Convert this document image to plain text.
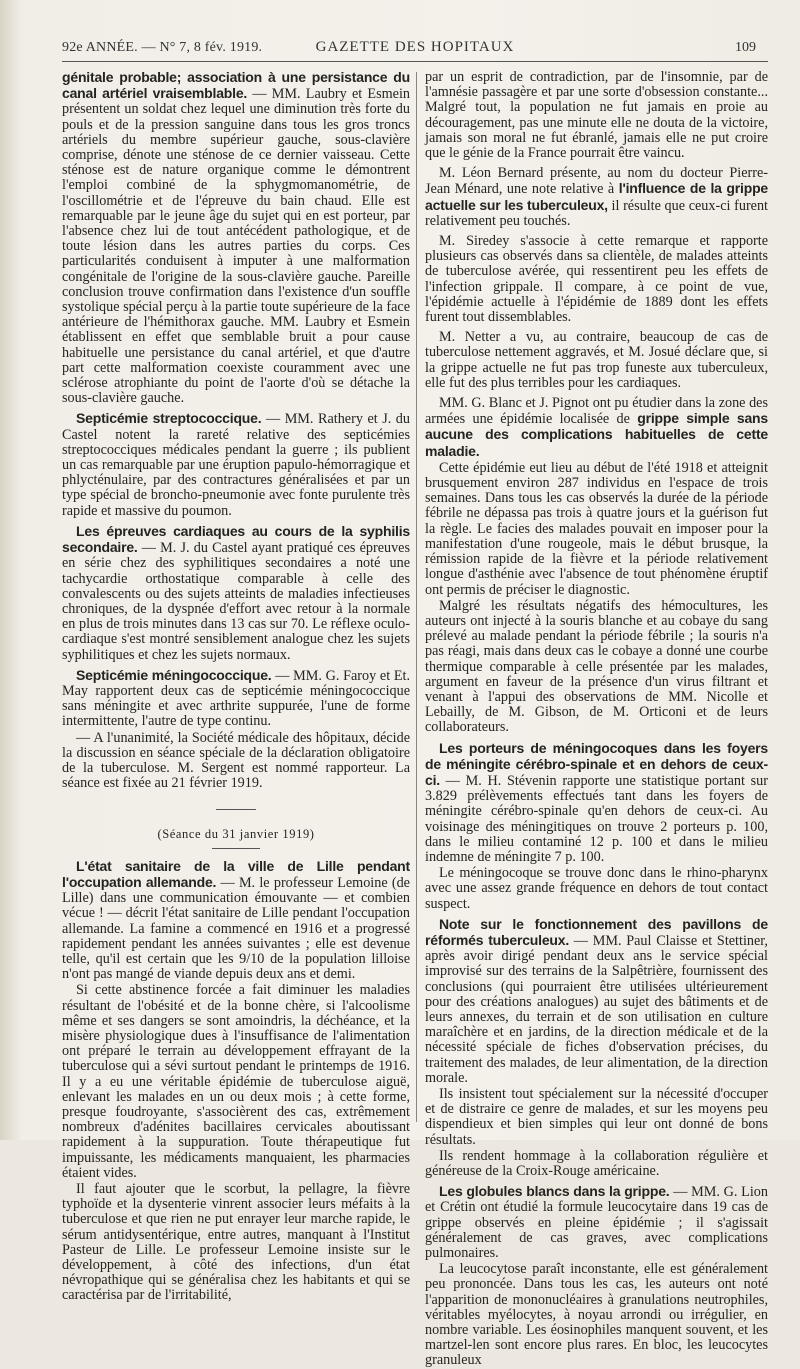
92e ANNÉE. — N° 7, 8 fév. 1919.	GAZETTE DES HOPITAUX	109

génitale probable; association à une persistance du canal artériel vraisemblable. — MM. Laubry et Esmein présentent un soldat chez lequel une diminution très forte du pouls et de la pression sanguine dans tous les gros troncs artériels du membre supérieur gauche, sous-clavière comprise, dénote une sténose de ce dernier vaisseau. Cette sténose est de nature organique comme le démontrent l'emploi combiné de la sphygmomanométrie, de l'oscillométrie et de l'épreuve du bain chaud. Elle est remarquable par le jeune âge du sujet qui en est porteur, par l'absence chez lui de tout antécédent pathologique, et de toute lésion dans les autres parties du corps. Ces particularités conduisent à imputer à une malformation congénitale de l'origine de la sous-clavière gauche. Pareille conclusion trouve confirmation dans l'existence d'un souffle systolique spécial perçu à la partie toute supérieure de la face antérieure de l'hémithorax gauche. MM. Laubry et Esmein établissent en effet que semblable bruit a pour cause habituelle une persistance du canal artériel, et que d'autre part cette malformation coexiste couramment avec une sclérose atrophiante du point de l'aorte d'où se détache la sous-clavière gauche.

Septicémie streptococcique. — MM. Rathery et J. du Castel notent la rareté relative des septicémies streptococciques médicales pendant la guerre ; ils publient un cas remarquable par une éruption papulo-hémorragique et phlycténulaire, par des contractures généralisées et par un type spécial de broncho-pneumonie avec fonte purulente très rapide et massive du poumon.

Les épreuves cardiaques au cours de la syphilis secondaire. — M. J. du Castel ayant pratiqué ces épreuves en série chez des syphilitiques secondaires a noté une tachycardie orthostatique comparable à celle des convalescents ou des sujets atteints de maladies infectieuses chroniques, de la dyspnée d'effort avec retour à la normale en plus de trois minutes dans 13 cas sur 70. Le réflexe oculo-cardiaque s'est montré sensiblement analogue chez les sujets syphilitiques et chez les sujets normaux.

Septicémie méningococcique. — MM. G. Faroy et Et. May rapportent deux cas de septicémie méningococcique sans méningite et avec arthrite suppurée, l'une de forme intermittente, l'autre de type continu.

— A l'unanimité, la Société médicale des hôpitaux, décide la discussion en séance spéciale de la déclaration obligatoire de la tuberculose. M. Sergent est nommé rapporteur. La séance est fixée au 21 février 1919.

(Séance du 31 janvier 1919)

L'état sanitaire de la ville de Lille pendant l'occupation allemande. — M. le professeur Lemoine (de Lille) dans une communication émouvante — et combien vécue ! — décrit l'état sanitaire de Lille pendant l'occupation allemande. La famine a commencé en 1916 et a progressé rapidement pendant les années suivantes ; elle est devenue telle, qu'il est certain que les 9/10 de la population lilloise n'ont pas mangé de viande depuis deux ans et demi.

Si cette abstinence forcée a fait diminuer les maladies résultant de l'obésité et de la bonne chère, si l'alcoolisme même et ses dangers se sont amoindris, la déchéance, et la misère physiologique dues à l'insuffisance de l'alimentation ont préparé le terrain au développement effrayant de la tuberculose qui a sévi surtout pendant le printemps de 1916. Il y a eu une véritable épidémie de tuberculose aiguë, enlevant les malades en un ou deux mois ; à cette forme, presque foudroyante, s'associèrent des cas, extrêmement nombreux d'adénites bacillaires cervicales aboutissant rapidement à la suppuration. Toute thérapeutique fut impuissante, les médicaments manquaient, les pharmacies étaient vides.

Il faut ajouter que le scorbut, la pellagre, la fièvre typhoïde et la dysenterie vinrent associer leurs méfaits à la tuberculose et que rien ne put enrayer leur marche rapide, le sérum antidysentérique, entre autres, manquant à l'Institut Pasteur de Lille. Le professeur Lemoine insiste sur le développement, à côté des infections, d'un état névropathique qui se généralisa chez les habitants et qui se caractérisa par de l'irritabilité,

par un esprit de contradiction, par de l'insomnie, par de l'amnésie passagère et par une sorte d'obsession constante... Malgré tout, la population ne fut jamais en proie au découragement, pas une minute elle ne douta de la victoire, jamais son moral ne fut ébranlé, jamais elle ne put croire que le génie de la France pourrait être vaincu.

M. Léon Bernard présente, au nom du docteur Pierre-Jean Ménard, une note relative à l'influence de la grippe actuelle sur les tuberculeux, il résulte que ceux-ci furent relativement peu touchés.

M. Siredey s'associe à cette remarque et rapporte plusieurs cas observés dans sa clientèle, de malades atteints de tuberculose avérée, qui ressentirent peu les effets de l'infection grippale. Il compare, à ce point de vue, l'épidémie actuelle à l'épidémie de 1889 dont les effets furent tout dissemblables.

M. Netter a vu, au contraire, beaucoup de cas de tuberculose nettement aggravés, et M. Josué déclare que, si la grippe actuelle ne fut pas trop funeste aux tuberculeux, elle fut des plus terribles pour les cardiaques.

MM. G. Blanc et J. Pignot ont pu étudier dans la zone des armées une épidémie localisée de grippe simple sans aucune des complications habituelles de cette maladie.

Cette épidémie eut lieu au début de l'été 1918 et atteignit brusquement environ 287 individus en l'espace de trois semaines. Dans tous les cas observés la durée de la période fébrile ne dépassa pas trois à quatre jours et la guérison fut la règle. Le facies des malades pouvait en imposer pour la manifestation d'une rougeole, mais le début brusque, la rémission rapide de la fièvre et la période relativement longue d'asthénie avec l'absence de tout phénomène éruptif ont permis de préciser le diagnostic.

Malgré les résultats négatifs des hémocultures, les auteurs ont injecté à la souris blanche et au cobaye du sang prélevé au malade pendant la période fébrile ; la souris n'a pas réagi, mais dans deux cas le cobaye a donné une courbe thermique comparable à celle présentée par les malades, argument en faveur de la présence d'un virus filtrant et venant à l'appui des observations de MM. Nicolle et Lebailly, de M. Gibson, de M. Orticoni et de leurs collaborateurs.

Les porteurs de méningocoques dans les foyers de méningite cérébro-spinale et en dehors de ceux-ci. — M. H. Stévenin rapporte une statistique portant sur 3.829 prélèvements effectués tant dans les foyers de méningite cérébro-spinale qu'en dehors de ceux-ci. Au voisinage des méningitiques on trouve 2 porteurs p. 100, dans le milieu contaminé 12 p. 100 et dans le milieu indemne de méningite 7 p. 100.

Le méningocoque se trouve donc dans le rhino-pharynx avec une assez grande fréquence en dehors de tout contact suspect.

Note sur le fonctionnement des pavillons de réformés tuberculeux. — MM. Paul Claisse et Stettiner, après avoir dirigé pendant deux ans le service spécial improvisé sur des terrains de la Salpêtrière, fournissent des conclusions (qui pourraient être utilisées ultérieurement pour des créations analogues) au sujet des bâtiments et de leurs annexes, du terrain et de son utilisation en culture maraîchère et en jardins, de la direction médicale et de la nécessité spéciale de fiches d'observation précises, du traitement des malades, de leur alimentation, de la direction morale.

Ils insistent tout spécialement sur la nécessité d'occuper et de distraire ce genre de malades, et sur les moyens peu dispendieux et bien simples qui leur ont donné de bons résultats.

Ils rendent hommage à la collaboration régulière et généreuse de la Croix-Rouge américaine.

Les globules blancs dans la grippe. — MM. G. Lion et Crétin ont étudié la formule leucocytaire dans 19 cas de grippe observés en pleine épidémie ; il s'agissait généralement de cas graves, avec complications pulmonaires.

La leucocytose paraît inconstante, elle est généralement peu prononcée. Dans tous les cas, les auteurs ont noté l'apparition de mononucléaires à granulations neutrophiles, véritables myélocytes, à noyau arrondi ou irrégulier, en nombre variable. Les éosinophiles manquent souvent, et les martzel-len sont encore plus rares. En bloc, les leucocytes granuleux
